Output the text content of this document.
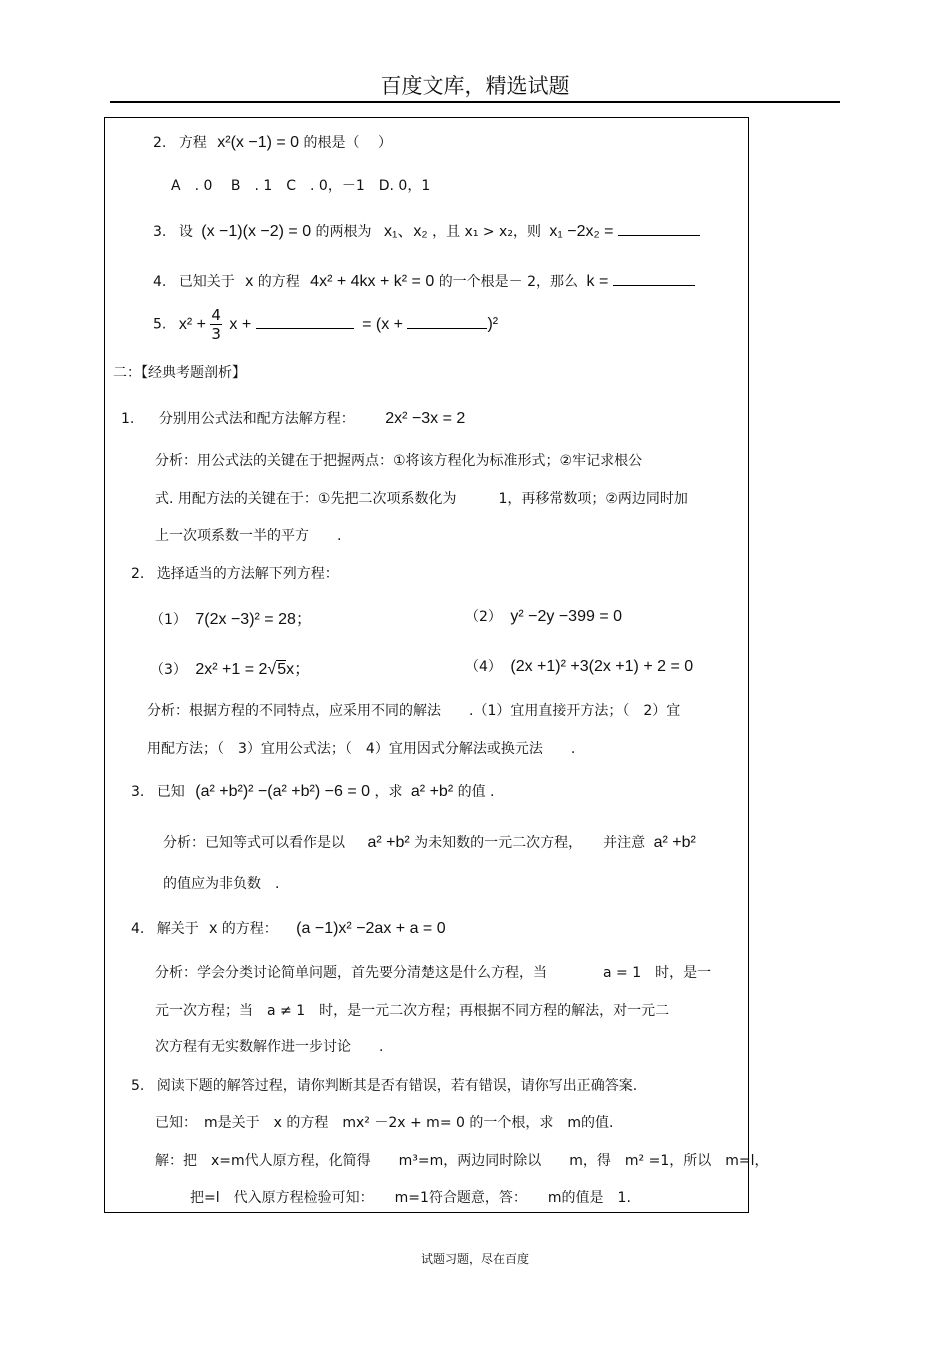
百度文库，精选试题
2. 方程 x²(x −1) = 0 的根是（　 ）
A　. 0　 B　. 1　C　. 0，－1　D. 0，1
3. 设 (x −1)(x −2) = 0 的两根为 x₁、x₂ ，且 x₁ > x₂，则 x₁ −2x₂ =
4. 已知关于 x 的方程 4x² + 4kx + k² = 0 的一个根是－ 2，那么 k =
5. $x^2 + \frac{4}{3}$ x +	= (x +	)²
二：【经典考题剖析】
1. 分别用公式法和配方法解方程： 2x² −3x = 2
分析：用公式法的关键在于把握两点：①将该方程化为标准形式；②牢记求根公
式. 用配方法的关键在于：①先把二次项系数化为　　　1，再移常数项；②两边同时加
上一次项系数一半的平方　　.
2. 选择适当的方法解下列方程：
（1） 7(2x −3)² = 28；	（2） y² −2y −399 = 0
（3） 2x² +1 = 2√5x；	（4） (2x +1)² +3(2x +1) + 2 = 0
分析：根据方程的不同特点，应采用不同的解法　　.（1）宜用直接开方法；（　2）宜
用配方法；（　3）宜用公式法；（　4）宜用因式分解法或换元法　　.
3. 已知 (a² +b²)² −(a² +b²) −6 = 0 ，求 a² +b² 的值 .
分析：已知等式可以看作是以 a² +b² 为未知数的一元二次方程，　　并注意 a² +b²
的值应为非负数　.
4. 解关于 x 的方程： (a −1)x² −2ax + a = 0
分析：学会分类讨论简单问题，首先要分清楚这是什么方程，当　　　　a = 1　时，是一
元一次方程；当　a ≠ 1　时，是一元二次方程；再根据不同方程的解法，对一元二
次方程有无实数解作进一步讨论　　.
5. 阅读下题的解答过程，请你判断其是否有错误，若有错误，请你写出正确答案.
已知：　m是关于　x 的方程　mx² －2x + m= 0 的一个根，求　m的值.
解：把　x=m代人原方程，化简得　　m³=m，两边同时除以　　m，得　m² =1，所以　m=l，
把=l　代入原方程检验可知：　　m=1符合题意，答：　　m的值是　1.
试题习题，尽在百度
